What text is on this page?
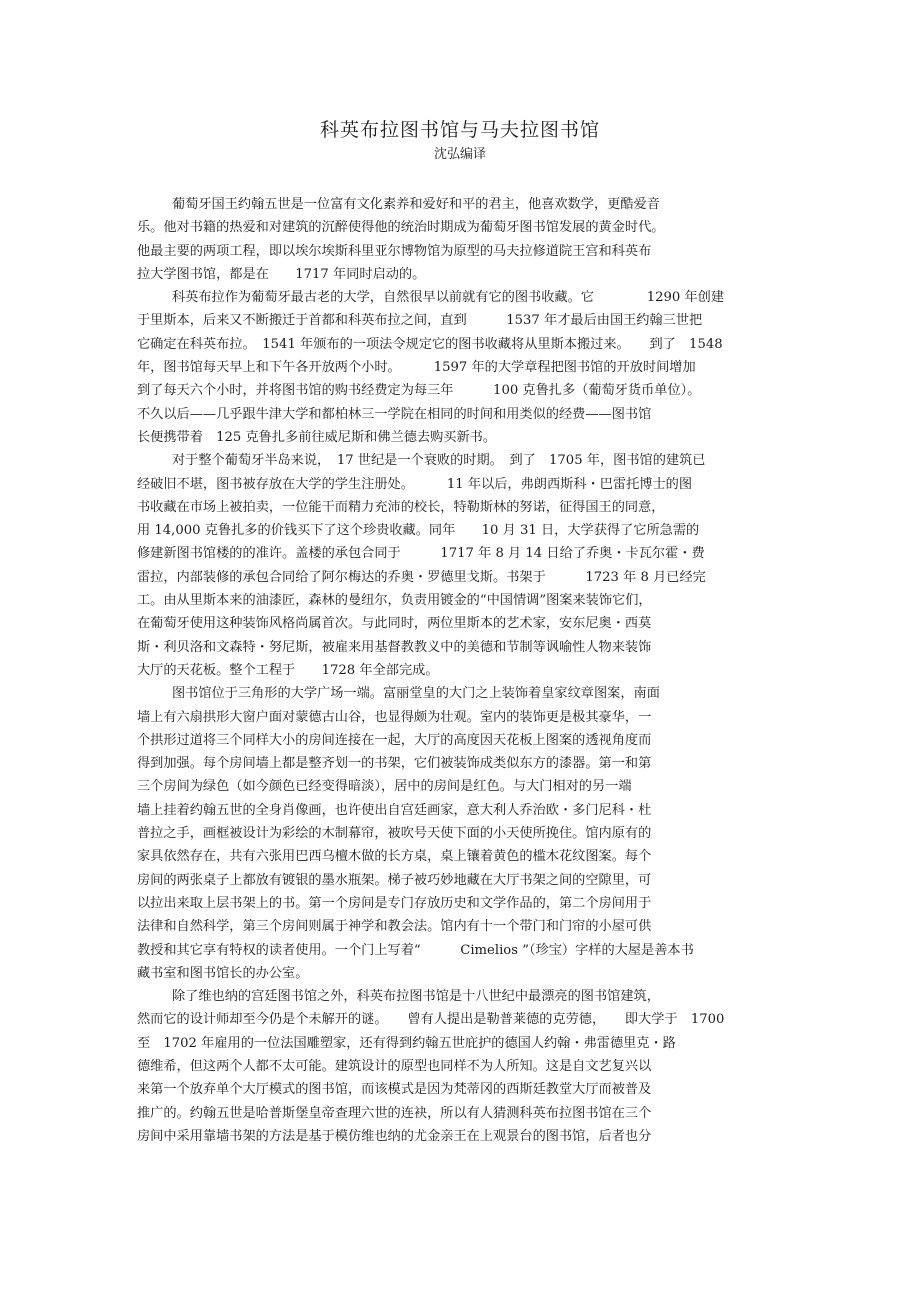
科英布拉图书馆与马夫拉图书馆
沈弘编译
葡萄牙国王约翰五世是一位富有文化素养和爱好和平的君主，他喜欢数学，更酷爱音
乐。他对书籍的热爱和对建筑的沉醉使得他的统治时期成为葡萄牙图书馆发展的黄金时代。
他最主要的两项工程，即以埃尔埃斯科里亚尔博物馆为原型的马夫拉修道院王宫和科英布
拉大学图书馆，都是在　　1717 年同时启动的。
科英布拉作为葡萄牙最古老的大学，自然很早以前就有它的图书收藏。它　　　　1290 年创建
于里斯本，后来又不断搬迁于首都和科英布拉之间，直到　　　1537 年才最后由国王约翰三世把
它确定在科英布拉。　1541 年颁布的一项法令规定它的图书收藏将从里斯本搬过来。　　到了　1548
年，图书馆每天早上和下午各开放两个小时。　　　1597 年的大学章程把图书馆的开放时间增加
到了每天六个小时，并将图书馆的购书经费定为每三年　　　100 克鲁扎多（葡萄牙货币单位）。
不久以后——几乎跟牛津大学和都柏林三一学院在相同的时间和用类似的经费——图书馆
长便携带着　125 克鲁扎多前往威尼斯和佛兰德去购买新书。
对于整个葡萄牙半岛来说，　17 世纪是一个衰败的时期。　到了　1705 年，图书馆的建筑已
经破旧不堪，图书被存放在大学的学生注册处。　　　11 年以后，弗朗西斯科・巴雷托博士的图
书收藏在市场上被拍卖，一位能干而精力充沛的校长，特勒斯林的努诺，征得国王的同意，
用 14,000 克鲁扎多的价钱买下了这个珍贵收藏。同年　　10 月 31 日，大学获得了它所急需的
修建新图书馆楼的的准许。盖楼的承包合同于　　　1717 年 8 月 14 日给了乔奥・卡瓦尔霍・费
雷拉，内部装修的承包合同给了阿尔梅达的乔奥・罗德里戈斯。书架于　　　1723 年 8 月已经完
工。由从里斯本来的油漆匠，森林的曼纽尔，负责用镀金的“中国情调”图案来装饰它们，
在葡萄牙使用这种装饰风格尚属首次。与此同时，两位里斯本的艺术家，安东尼奥・西莫
斯・利贝洛和文森特・努尼斯，被雇来用基督教教义中的美德和节制等讽喻性人物来装饰
大厅的天花板。整个工程于　　1728 年全部完成。
图书馆位于三角形的大学广场一端。富丽堂皇的大门之上装饰着皇家纹章图案，南面
墙上有六扇拱形大窗户面对蒙德古山谷，也显得颇为壮观。室内的装饰更是极其豪华，一
个拱形过道将三个同样大小的房间连接在一起，大厅的高度因天花板上图案的透视角度而
得到加强。每个房间墙上都是整齐划一的书架，它们被装饰成类似东方的漆器。第一和第
三个房间为绿色（如今颜色已经变得暗淡），居中的房间是红色。与大门相对的另一端
墙上挂着约翰五世的全身肖像画，也许使出自宫廷画家，意大利人乔治欧・多门尼科・杜
普拉之手，画框被设计为彩绘的木制幕帘，被吹号天使下面的小天使所挽住。馆内原有的
家具依然存在，共有六张用巴西乌檀木做的长方桌，桌上镶着黄色的槛木花纹图案。每个
房间的两张桌子上都放有镀银的墨水瓶架。梯子被巧妙地藏在大厅书架之间的空隙里，可
以拉出来取上层书架上的书。第一个房间是专门存放历史和文学作品的，第二个房间用于
法律和自然科学，第三个房间则属于神学和教会法。馆内有十一个带门和门帘的小屋可供
教授和其它享有特权的读者使用。一个门上写着“　　　Cimelios ”（珍宝）字样的大屋是善本书
藏书室和图书馆长的办公室。
除了维也纳的宫廷图书馆之外，科英布拉图书馆是十八世纪中最漂亮的图书馆建筑，
然而它的设计师却至今仍是个未解开的谜。　　曾有人提出是勒普莱德的克劳德，　　即大学于　1700
至　1702 年雇用的一位法国雕塑家，还有得到约翰五世庇护的德国人约翰・弗雷德里克・路
德维希，但这两个人都不太可能。建筑设计的原型也同样不为人所知。这是自文艺复兴以
来第一个放弃单个大厅模式的图书馆，而该模式是因为梵蒂冈的西斯廷教堂大厅而被普及
推广的。约翰五世是哈普斯堡皇帝查理六世的连袂，所以有人猜测科英布拉图书馆在三个
房间中采用靠墙书架的方法是基于模仿维也纳的尤金亲王在上观景台的图书馆，后者也分
